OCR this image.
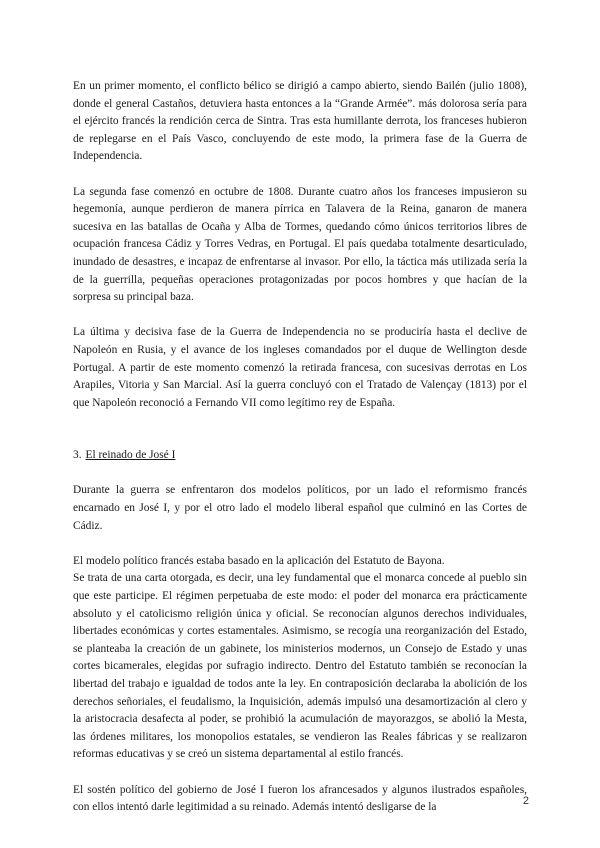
En un primer momento, el conflicto bélico se dirigió a campo abierto, siendo Bailén (julio 1808), donde el general Castaños, detuviera hasta entonces a la “Grande Armée”. más dolorosa sería para el ejército francés la rendición cerca de Sintra. Tras esta humillante derrota, los franceses hubieron de replegarse en el País Vasco, concluyendo de este modo, la primera fase de la Guerra de Independencia.

La segunda fase comenzó en octubre de 1808. Durante cuatro años los franceses impusieron su hegemonía, aunque perdieron de manera pírrica en Talavera de la Reina, ganaron de manera sucesiva en las batallas de Ocaña y Alba de Tormes, quedando cómo únicos territorios libres de ocupación francesa Cádiz y Torres Vedras, en Portugal. El país quedaba totalmente desarticulado, inundado de desastres, e incapaz de enfrentarse al invasor. Por ello, la táctica más utilizada sería la de la guerrilla, pequeñas operaciones protagonizadas por pocos hombres y que hacían de la sorpresa su principal baza.

La última y decisiva fase de la Guerra de Independencia no se produciría hasta el declive de Napoleón en Rusia, y el avance de los ingleses comandados por el duque de Wellington desde Portugal. A partir de este momento comenzó la retirada francesa, con sucesivas derrotas en Los Arapiles, Vitoria y San Marcial. Así la guerra concluyó con el Tratado de Valençay (1813) por el que Napoleón reconoció a Fernando VII como legítimo rey de España.

3. El reinado de José I

Durante la guerra se enfrentaron dos modelos políticos, por un lado el reformismo francés encarnado en José I, y por el otro lado el modelo liberal español que culminó en las Cortes de Cádiz.

El modelo político francés estaba basado en la aplicación del Estatuto de Bayona.

Se trata de una carta otorgada, es decir, una ley fundamental que el monarca concede al pueblo sin que este participe. El régimen perpetuaba de este modo: el poder del monarca era prácticamente absoluto y el catolicismo religión única y oficial. Se reconocían algunos derechos individuales, libertades económicas y cortes estamentales. Asimismo, se recogía una reorganización del Estado, se planteaba la creación de un gabinete, los ministerios modernos, un Consejo de Estado y unas cortes bicamerales, elegidas por sufragio indirecto. Dentro del Estatuto también se reconocían la libertad del trabajo e igualdad de todos ante la ley. En contraposición declaraba la abolición de los derechos señoriales, el feudalismo, la Inquisición, además impulsó una desamortización al clero y la aristocracia desafecta al poder, se prohibió la acumulación de mayorazgos, se abolió la Mesta, las órdenes militares, los monopolios estatales, se vendieron las Reales fábricas y se realizaron reformas educativas y se creó un sistema departamental al estilo francés.

El sostén político del gobierno de José I fueron los afrancesados y algunos ilustrados españoles, con ellos intentó darle legitimidad a su reinado. Además intentó desligarse de la

2
